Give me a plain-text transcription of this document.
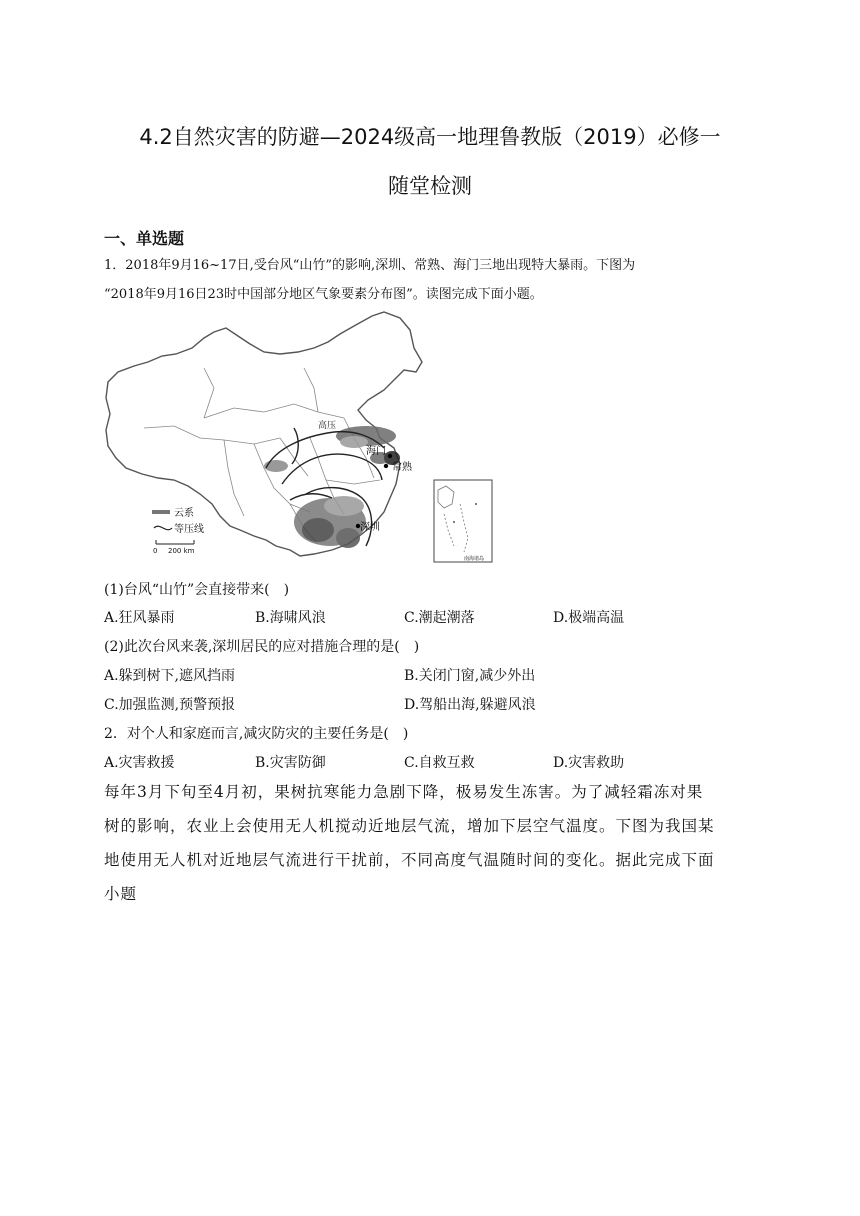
4.2自然灾害的防避—2024级高一地理鲁教版（2019）必修一
随堂检测
一、单选题
1．2018年9月16~17日,受台风“山竹”的影响,深圳、常熟、海门三地出现特大暴雨。下图为
“2018年9月16日23时中国部分地区气象要素分布图”。读图完成下面小题。
高压
海门
常熟
深圳
云系
等压线
0 200 km
南海诸岛
(1)台风“山竹”会直接带来(　)
A.狂风暴雨	B.海啸风浪	C.潮起潮落	D.极端高温
(2)此次台风来袭,深圳居民的应对措施合理的是(　)
A.躲到树下,遮风挡雨	B.关闭门窗,减少外出
C.加强监测,预警预报	D.驾船出海,躲避风浪
2．对个人和家庭而言,减灾防灾的主要任务是(　)
A.灾害救援	B.灾害防御	C.自救互救	D.灾害救助
每年3月下旬至4月初，果树抗寒能力急剧下降，极易发生冻害。为了减轻霜冻对果
树的影响，农业上会使用无人机搅动近地层气流，增加下层空气温度。下图为我国某
地使用无人机对近地层气流进行干扰前，不同高度气温随时间的变化。据此完成下面
小题
